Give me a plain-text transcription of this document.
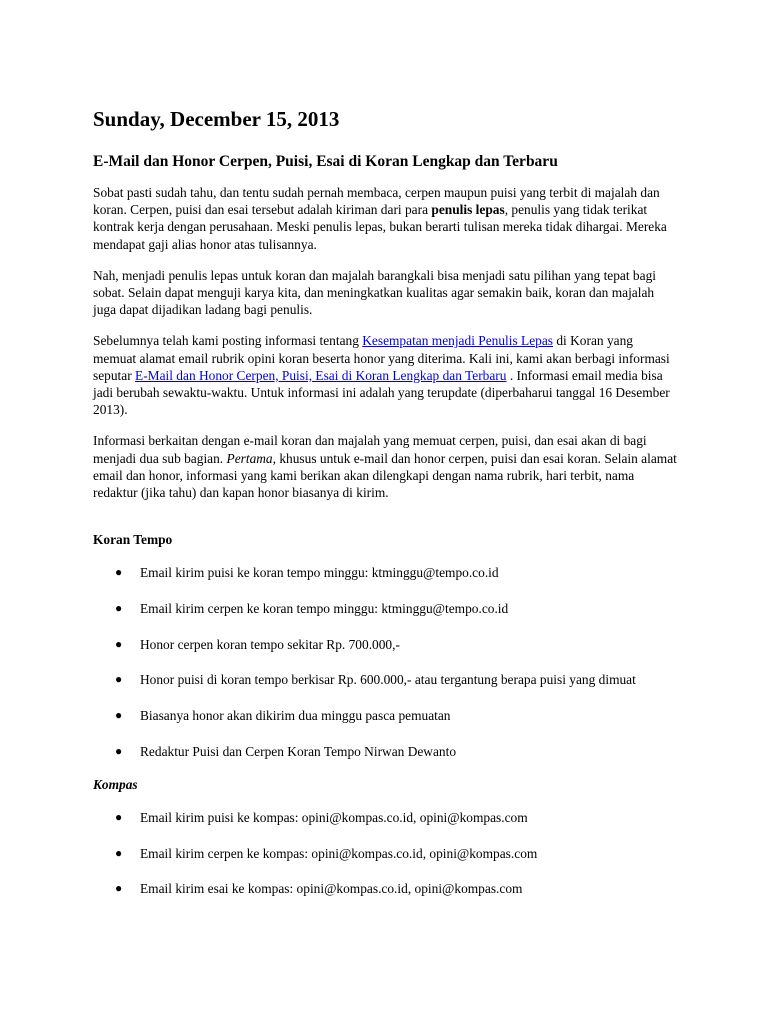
Sunday, December 15, 2013
E-Mail dan Honor Cerpen, Puisi, Esai di Koran Lengkap dan Terbaru

Sobat pasti sudah tahu, dan tentu sudah pernah membaca, cerpen maupun puisi yang terbit di majalah dan koran. Cerpen, puisi dan esai tersebut adalah kiriman dari para penulis lepas, penulis yang tidak terikat kontrak kerja dengan perusahaan. Meski penulis lepas, bukan berarti tulisan mereka tidak dihargai. Mereka mendapat gaji alias honor atas tulisannya.

Nah, menjadi penulis lepas untuk koran dan majalah barangkali bisa menjadi satu pilihan yang tepat bagi sobat. Selain dapat menguji karya kita, dan meningkatkan kualitas agar semakin baik, koran dan majalah juga dapat dijadikan ladang bagi penulis.

Sebelumnya telah kami posting informasi tentang Kesempatan menjadi Penulis Lepas di Koran yang memuat alamat email rubrik opini koran beserta honor yang diterima. Kali ini, kami akan berbagi informasi seputar E-Mail dan Honor Cerpen, Puisi, Esai di Koran Lengkap dan Terbaru . Informasi email media bisa jadi berubah sewaktu-waktu. Untuk informasi ini adalah yang terupdate (diperbaharui tanggal 16 Desember 2013).

Informasi berkaitan dengan e-mail koran dan majalah yang memuat cerpen, puisi, dan esai akan di bagi menjadi dua sub bagian. Pertama, khusus untuk e-mail dan honor cerpen, puisi dan esai koran. Selain alamat email dan honor, informasi yang kami berikan akan dilengkapi dengan nama rubrik, hari terbit, nama redaktur (jika tahu) dan kapan honor biasanya di kirim.

Koran Tempo
● Email kirim puisi ke koran tempo minggu: ktminggu@tempo.co.id
● Email kirim cerpen ke koran tempo minggu: ktminggu@tempo.co.id
● Honor cerpen koran tempo sekitar Rp. 700.000,-
● Honor puisi di koran tempo berkisar Rp. 600.000,- atau tergantung berapa puisi yang dimuat
● Biasanya honor akan dikirim dua minggu pasca pemuatan
● Redaktur Puisi dan Cerpen Koran Tempo Nirwan Dewanto
Kompas
● Email kirim puisi ke kompas: opini@kompas.co.id, opini@kompas.com
● Email kirim cerpen ke kompas: opini@kompas.co.id, opini@kompas.com
● Email kirim esai ke kompas: opini@kompas.co.id, opini@kompas.com
